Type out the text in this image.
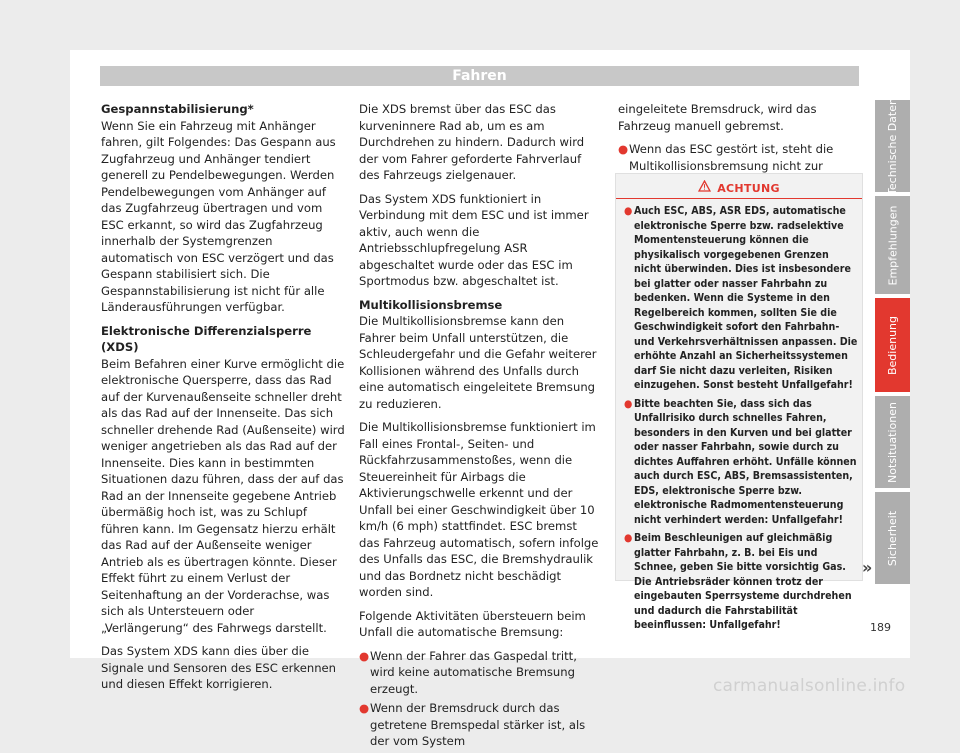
Fahren
Gespannstabilisierung*

Wenn Sie ein Fahrzeug mit Anhänger fahren, gilt Folgendes: Das Gespann aus Zugfahrzeug und Anhänger tendiert generell zu Pendelbewegungen. Werden Pendelbewegungen vom Anhänger auf das Zugfahrzeug übertragen und vom ESC erkannt, so wird das Zugfahrzeug innerhalb der Systemgrenzen automatisch von ESC verzögert und das Gespann stabilisiert sich. Die Gespannstabilisierung ist nicht für alle Länderausführungen verfügbar.

Elektronische Differenzialsperre (XDS)

Beim Befahren einer Kurve ermöglicht die elektronische Quersperre, dass das Rad auf der Kurvenaußenseite schneller dreht als das Rad auf der Innenseite. Das sich schneller drehende Rad (Außenseite) wird weniger angetrieben als das Rad auf der Innenseite. Dies kann in bestimmten Situationen dazu führen, dass der auf das Rad an der Innenseite gegebene Antrieb übermäßig hoch ist, was zu Schlupf führen kann. Im Gegensatz hierzu erhält das Rad auf der Außenseite weniger Antrieb als es übertragen könnte. Dieser Effekt führt zu einem Verlust der Seitenhaftung an der Vorderachse, was sich als Untersteuern oder „Verlängerung“ des Fahrwegs darstellt.

Das System XDS kann dies über die Signale und Sensoren des ESC erkennen und diesen Effekt korrigieren.

Die XDS bremst über das ESC das kurveninnere Rad ab, um es am Durchdrehen zu hindern. Dadurch wird der vom Fahrer geforderte Fahrverlauf des Fahrzeugs zielgenauer.

Das System XDS funktioniert in Verbindung mit dem ESC und ist immer aktiv, auch wenn die Antriebsschlupfregelung ASR abgeschaltet wurde oder das ESC im Sportmodus bzw. abgeschaltet ist.

Multikollisionsbremse

Die Multikollisionsbremse kann den Fahrer beim Unfall unterstützen, die Schleudergefahr und die Gefahr weiterer Kollisionen während des Unfalls durch eine automatisch eingeleitete Bremsung zu reduzieren.

Die Multikollisionsbremse funktioniert im Fall eines Frontal-, Seiten- und Rückfahrzusammenstoßes, wenn die Steuereinheit für Airbags die Aktivierungschwelle erkennt und der Unfall bei einer Geschwindigkeit über 10 km/h (6 mph) stattfindet. ESC bremst das Fahrzeug automatisch, sofern infolge des Unfalls das ESC, die Bremshydraulik und das Bordnetz nicht beschädigt worden sind.

Folgende Aktivitäten übersteuern beim Unfall die automatische Bremsung:

● Wenn der Fahrer das Gaspedal tritt, wird keine automatische Bremsung erzeugt.
● Wenn der Bremsdruck durch das getretene Bremspedal stärker ist, als der vom System

eingeleitete Bremsdruck, wird das Fahrzeug manuell gebremst.

● Wenn das ESC gestört ist, steht die Multikollisionsbremsung nicht zur
ACHTUNG
● Auch ESC, ABS, ASR EDS, automatische elektronische Sperre bzw. radselektive Momentensteuerung können die physikalisch vorgegebenen Grenzen nicht überwinden. Dies ist insbesondere bei glatter oder nasser Fahrbahn zu bedenken. Wenn die Systeme in den Regelbereich kommen, sollten Sie die Geschwindigkeit sofort den Fahrbahn- und Verkehrsverhältnissen anpassen. Die erhöhte Anzahl an Sicherheitssystemen darf Sie nicht dazu verleiten, Risiken einzugehen. Sonst besteht Unfallgefahr!
● Bitte beachten Sie, dass sich das Unfallrisiko durch schnelles Fahren, besonders in den Kurven und bei glatter oder nasser Fahrbahn, sowie durch zu dichtes Auffahren erhöht. Unfälle können auch durch ESC, ABS, Bremsassistenten, EDS, elektronische Sperre bzw. elektronische Radmomentensteuerung nicht verhindert werden: Unfallgefahr!
● Beim Beschleunigen auf gleichmäßig glatter Fahrbahn, z. B. bei Eis und Schnee, geben Sie bitte vorsichtig Gas. Die Antriebsräder können trotz der eingebauten Sperrsysteme durchdrehen und dadurch die Fahrstabilität beeinflussen: Unfallgefahr!
»
Technische Daten
Empfehlungen
Bedienung
Notsituationen
Sicherheit
189
carmanualsonline.info
